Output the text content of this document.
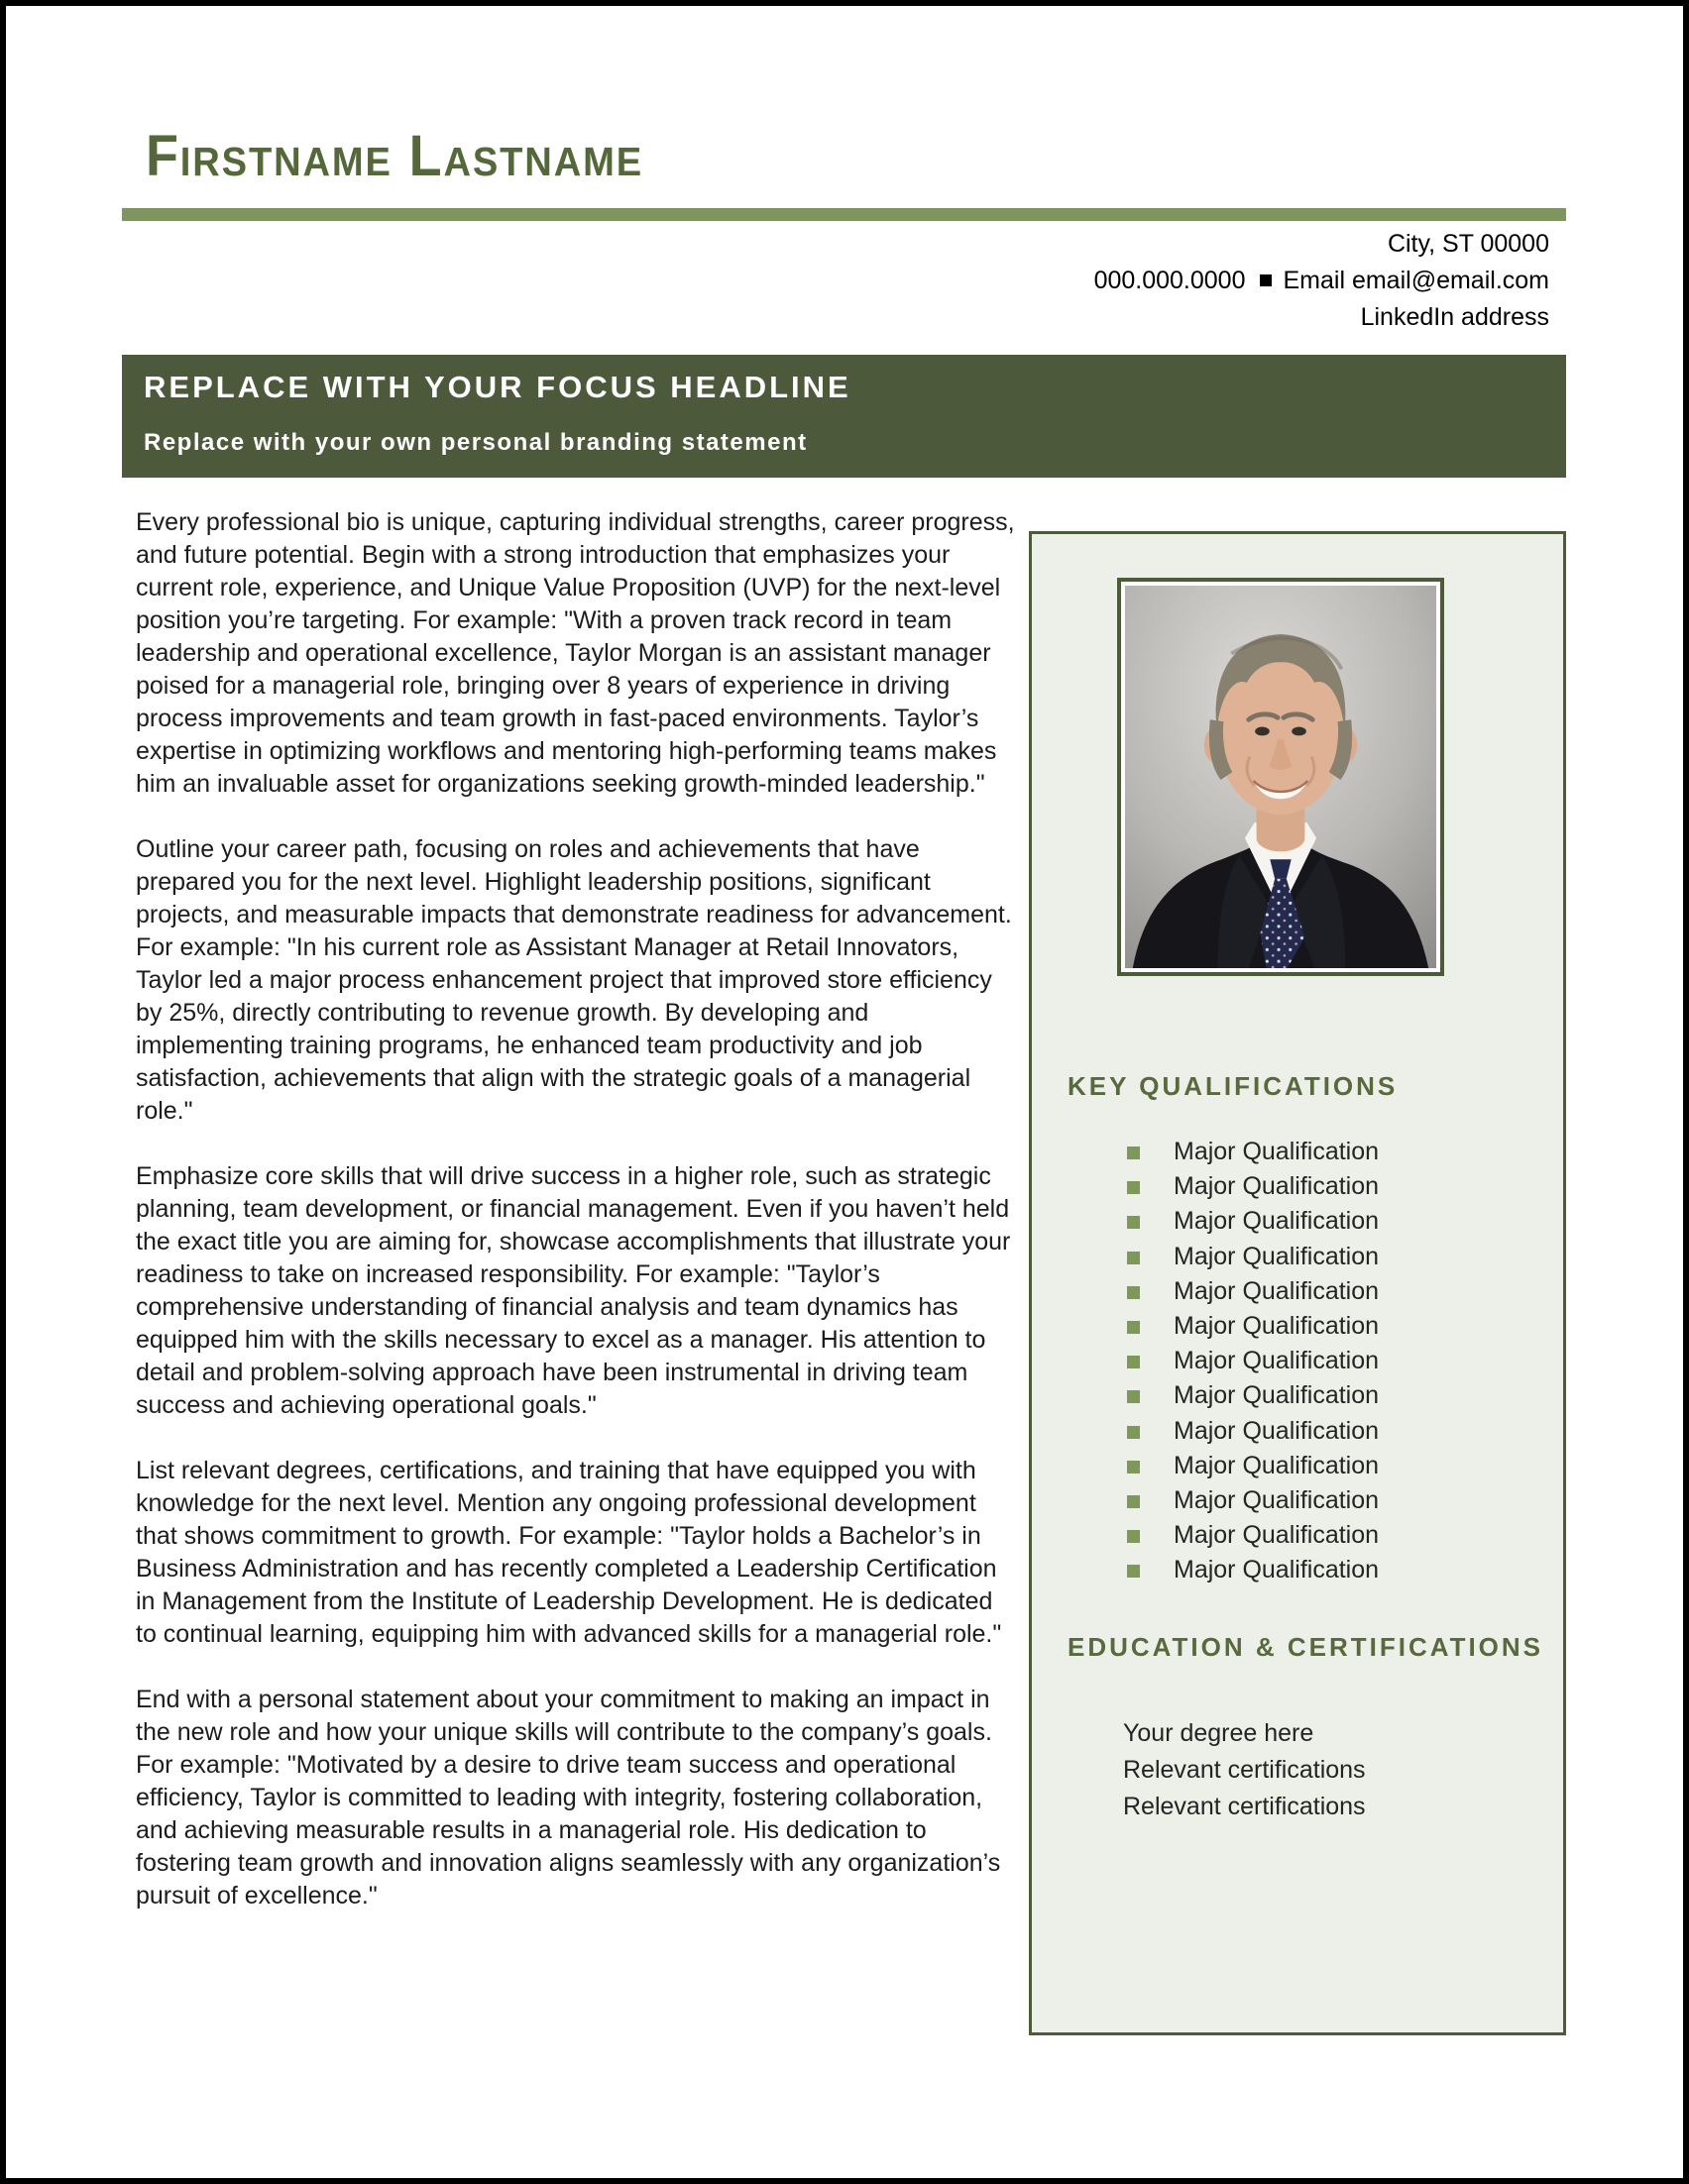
Firstname Lastname
City, ST 00000
000.000.0000 Email email@email.com
LinkedIn address
REPLACE WITH YOUR FOCUS HEADLINE
Replace with your own personal branding statement

Every professional bio is unique, capturing individual strengths, career progress, and future potential. Begin with a strong introduction that emphasizes your current role, experience, and Unique Value Proposition (UVP) for the next-level position you’re targeting. For example: "With a proven track record in team leadership and operational excellence, Taylor Morgan is an assistant manager poised for a managerial role, bringing over 8 years of experience in driving process improvements and team growth in fast-paced environments. Taylor’s expertise in optimizing workflows and mentoring high-performing teams makes him an invaluable asset for organizations seeking growth-minded leadership."

Outline your career path, focusing on roles and achievements that have prepared you for the next level. Highlight leadership positions, significant projects, and measurable impacts that demonstrate readiness for advancement. For example: "In his current role as Assistant Manager at Retail Innovators, Taylor led a major process enhancement project that improved store efficiency by 25%, directly contributing to revenue growth. By developing and implementing training programs, he enhanced team productivity and job satisfaction, achievements that align with the strategic goals of a managerial role."

Emphasize core skills that will drive success in a higher role, such as strategic planning, team development, or financial management. Even if you haven’t held the exact title you are aiming for, showcase accomplishments that illustrate your readiness to take on increased responsibility. For example: "Taylor’s comprehensive understanding of financial analysis and team dynamics has equipped him with the skills necessary to excel as a manager. His attention to detail and problem-solving approach have been instrumental in driving team success and achieving operational goals."

List relevant degrees, certifications, and training that have equipped you with knowledge for the next level. Mention any ongoing professional development that shows commitment to growth. For example: "Taylor holds a Bachelor’s in Business Administration and has recently completed a Leadership Certification in Management from the Institute of Leadership Development. He is dedicated to continual learning, equipping him with advanced skills for a managerial role."

End with a personal statement about your commitment to making an impact in the new role and how your unique skills will contribute to the company’s goals. For example: "Motivated by a desire to drive team success and operational efficiency, Taylor is committed to leading with integrity, fostering collaboration, and achieving measurable results in a managerial role. His dedication to fostering team growth and innovation aligns seamlessly with any organization’s pursuit of excellence."

KEY QUALIFICATIONS
Major Qualification
Major Qualification
Major Qualification
Major Qualification
Major Qualification
Major Qualification
Major Qualification
Major Qualification
Major Qualification
Major Qualification
Major Qualification
Major Qualification
Major Qualification
EDUCATION & CERTIFICATIONS
Your degree here
Relevant certifications
Relevant certifications
